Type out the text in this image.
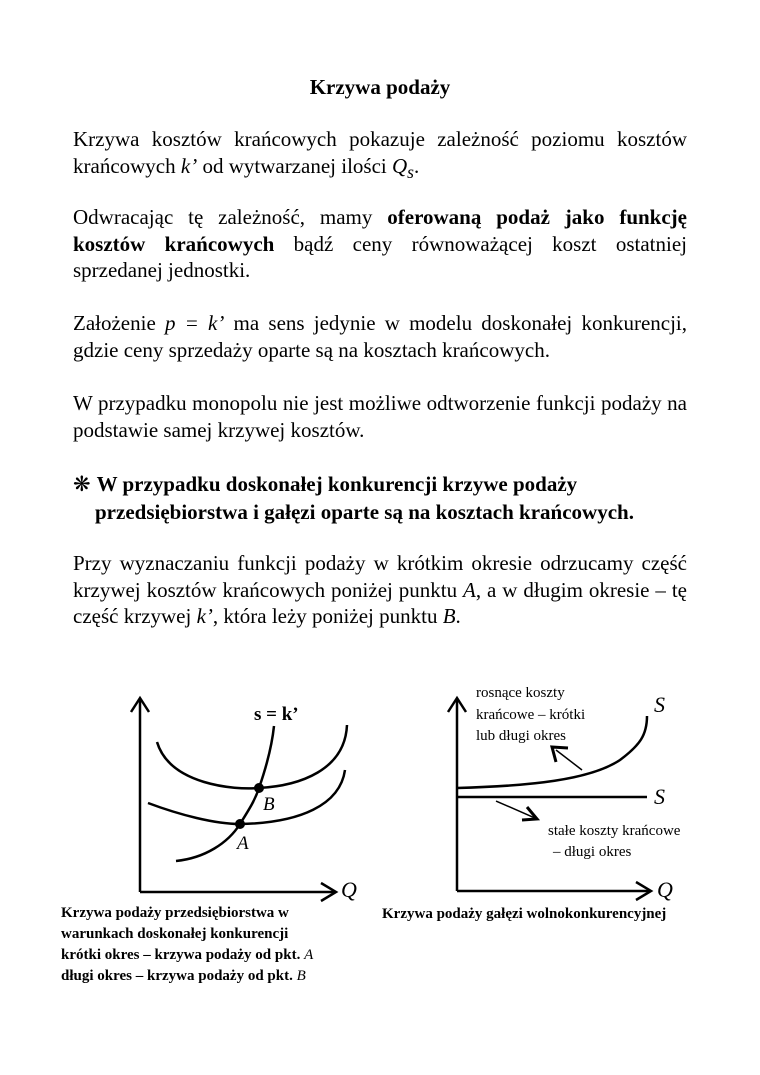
Krzywa podaży
Krzywa kosztów krańcowych pokazuje zależność poziomu kosztów krańcowych k’ od wytwarzanej ilości $Q_s$.
Odwracając tę zależność, mamy oferowaną podaż jako funkcję kosztów krańcowych bądź ceny równoważącej koszt ostatniej sprzedanej jednostki.
Założenie p = k’ ma sens jedynie w modelu doskonałej konkurencji, gdzie ceny sprzedaży oparte są na kosztach krańcowych.
W przypadku monopolu nie jest możliwe odtworzenie funkcji podaży na podstawie samej krzywej kosztów.
❋ W przypadku doskonałej konkurencji krzywe podaży
przedsiębiorstwa i gałęzi oparte są na kosztach krańcowych.
Przy wyznaczaniu funkcji podaży w krótkim okresie odrzucamy część krzywej kosztów krańcowych poniżej punktu A, a w długim okresie – tę część krzywej k’, która leży poniżej punktu B.
s = k’
B
A
Q
Krzywa podaży przedsiębiorstwa w
warunkach doskonałej konkurencji
krótki okres – krzywa podaży od pkt. A
długi okres – krzywa podaży od pkt. B
S
S
rosnące koszty
krańcowe – krótki
lub długi okres
stałe koszty krańcowe
– długi okres
Q
Krzywa podaży gałęzi wolnokonkurencyjnej
